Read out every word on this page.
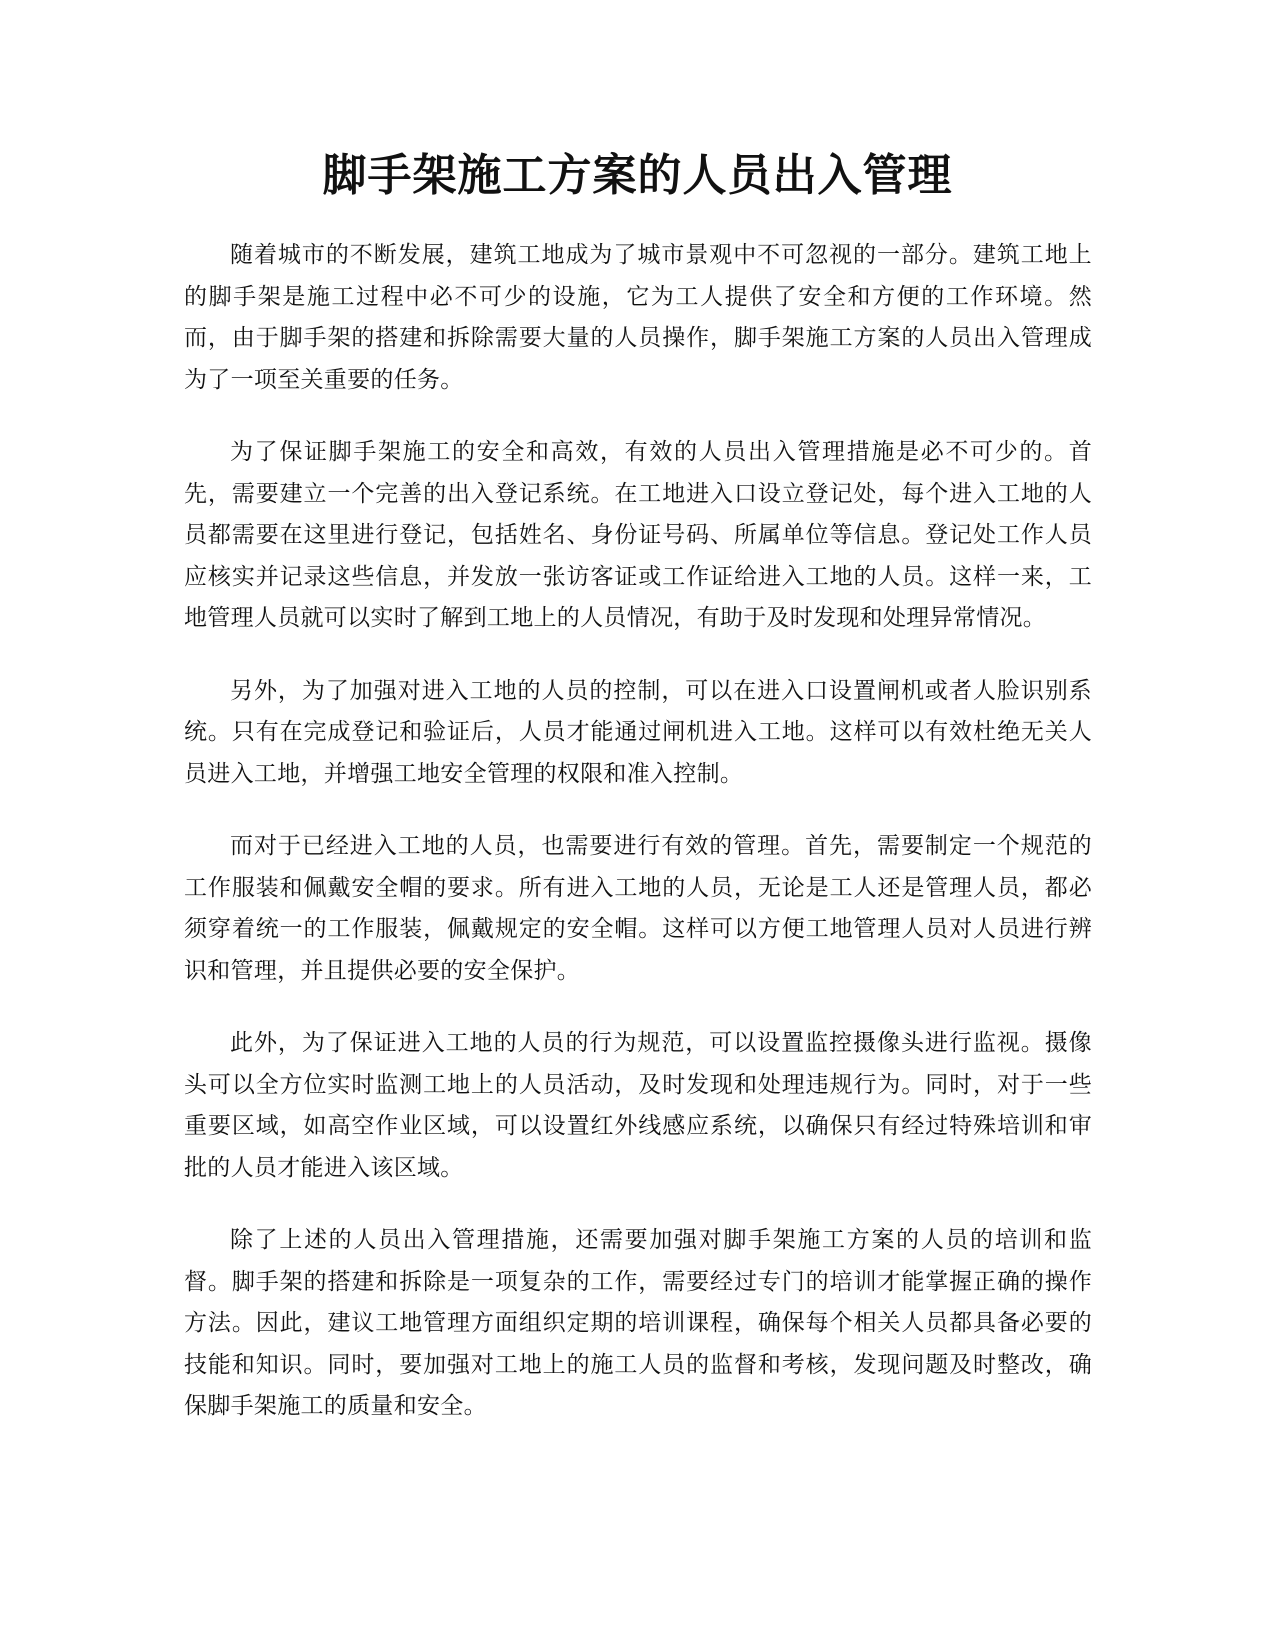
脚手架施工方案的人员出入管理

随着城市的不断发展，建筑工地成为了城市景观中不可忽视的一部分。建筑工地上的脚手架是施工过程中必不可少的设施，它为工人提供了安全和方便的工作环境。然而，由于脚手架的搭建和拆除需要大量的人员操作，脚手架施工方案的人员出入管理成为了一项至关重要的任务。

为了保证脚手架施工的安全和高效，有效的人员出入管理措施是必不可少的。首先，需要建立一个完善的出入登记系统。在工地进入口设立登记处，每个进入工地的人员都需要在这里进行登记，包括姓名、身份证号码、所属单位等信息。登记处工作人员应核实并记录这些信息，并发放一张访客证或工作证给进入工地的人员。这样一来，工地管理人员就可以实时了解到工地上的人员情况，有助于及时发现和处理异常情况。

另外，为了加强对进入工地的人员的控制，可以在进入口设置闸机或者人脸识别系统。只有在完成登记和验证后，人员才能通过闸机进入工地。这样可以有效杜绝无关人员进入工地，并增强工地安全管理的权限和准入控制。

而对于已经进入工地的人员，也需要进行有效的管理。首先，需要制定一个规范的工作服装和佩戴安全帽的要求。所有进入工地的人员，无论是工人还是管理人员，都必须穿着统一的工作服装，佩戴规定的安全帽。这样可以方便工地管理人员对人员进行辨识和管理，并且提供必要的安全保护。

此外，为了保证进入工地的人员的行为规范，可以设置监控摄像头进行监视。摄像头可以全方位实时监测工地上的人员活动，及时发现和处理违规行为。同时，对于一些重要区域，如高空作业区域，可以设置红外线感应系统，以确保只有经过特殊培训和审批的人员才能进入该区域。

除了上述的人员出入管理措施，还需要加强对脚手架施工方案的人员的培训和监督。脚手架的搭建和拆除是一项复杂的工作，需要经过专门的培训才能掌握正确的操作方法。因此，建议工地管理方面组织定期的培训课程，确保每个相关人员都具备必要的技能和知识。同时，要加强对工地上的施工人员的监督和考核，发现问题及时整改，确保脚手架施工的质量和安全。
